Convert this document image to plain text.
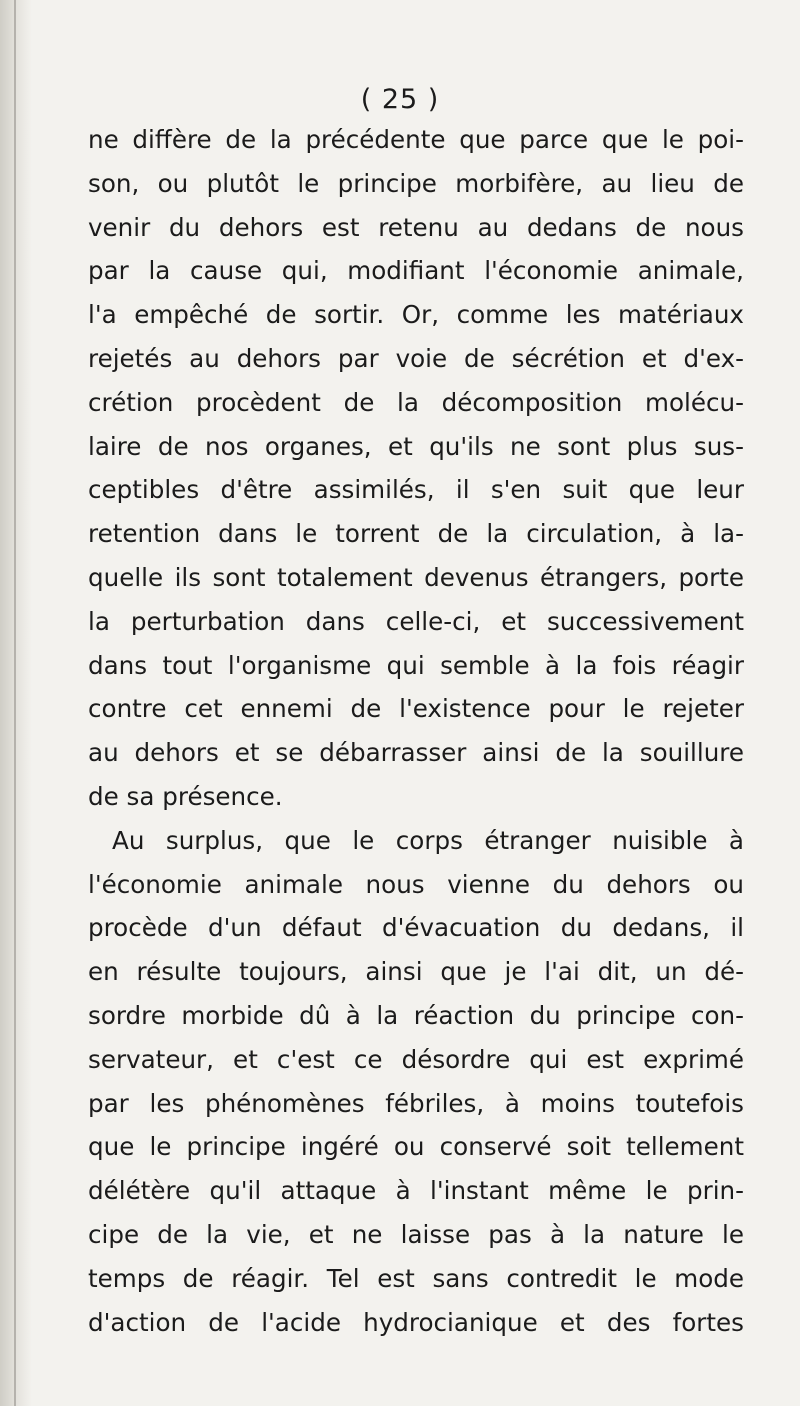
( 25 )
ne diffère de la précédente que parce que le poi-
son, ou plutôt le principe morbifère, au lieu de
venir du dehors est retenu au dedans de nous
par la cause qui, modifiant l'économie animale,
l'a empêché de sortir. Or, comme les matériaux
rejetés au dehors par voie de sécrétion et d'ex-
crétion procèdent de la décomposition molécu-
laire de nos organes, et qu'ils ne sont plus sus-
ceptibles d'être assimilés, il s'en suit que leur
retention dans le torrent de la circulation, à la-
quelle ils sont totalement devenus étrangers, porte
la perturbation dans celle-ci, et successivement
dans tout l'organisme qui semble à la fois réagir
contre cet ennemi de l'existence pour le rejeter
au dehors et se débarrasser ainsi de la souillure
de sa présence.
Au surplus, que le corps étranger nuisible à
l'économie animale nous vienne du dehors ou
procède d'un défaut d'évacuation du dedans, il
en résulte toujours, ainsi que je l'ai dit, un dé-
sordre morbide dû à la réaction du principe con-
servateur, et c'est ce désordre qui est exprimé
par les phénomènes fébriles, à moins toutefois
que le principe ingéré ou conservé soit tellement
délétère qu'il attaque à l'instant même le prin-
cipe de la vie, et ne laisse pas à la nature le
temps de réagir. Tel est sans contredit le mode
d'action de l'acide hydrocianique et des fortes
